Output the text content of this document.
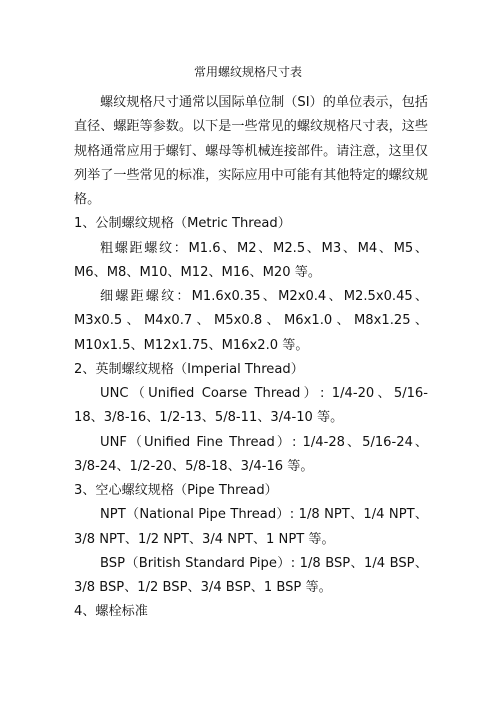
常用螺纹规格尺寸表

螺纹规格尺寸通常以国际单位制（SI）的单位表示，包括直径、螺距等参数。以下是一些常见的螺纹规格尺寸表，这些规格通常应用于螺钉、螺母等机械连接部件。请注意，这里仅列举了一些常见的标准，实际应用中可能有其他特定的螺纹规格。

1、公制螺纹规格（Metric Thread）

粗螺距螺纹：M1.6、M2、M2.5、M3、M4、M5、M6、M8、M10、M12、M16、M20 等。

细螺距螺纹：M1.6x0.35、M2x0.4、M2.5x0.45、M3x0.5、M4x0.7、M5x0.8、M6x1.0、M8x1.25、M10x1.5、M12x1.75、M16x2.0 等。

2、英制螺纹规格（Imperial Thread）

UNC（Unified Coarse Thread）: 1/4-20、5/16-18、3/8-16、1/2-13、5/8-11、3/4-10 等。

UNF（Unified Fine Thread）: 1/4-28、5/16-24、3/8-24、1/2-20、5/8-18、3/4-16 等。

3、空心螺纹规格（Pipe Thread）

NPT（National Pipe Thread）: 1/8 NPT、1/4 NPT、3/8 NPT、1/2 NPT、3/4 NPT、1 NPT 等。

BSP（British Standard Pipe）: 1/8 BSP、1/4 BSP、3/8 BSP、1/2 BSP、3/4 BSP、1 BSP 等。

4、螺栓标准
